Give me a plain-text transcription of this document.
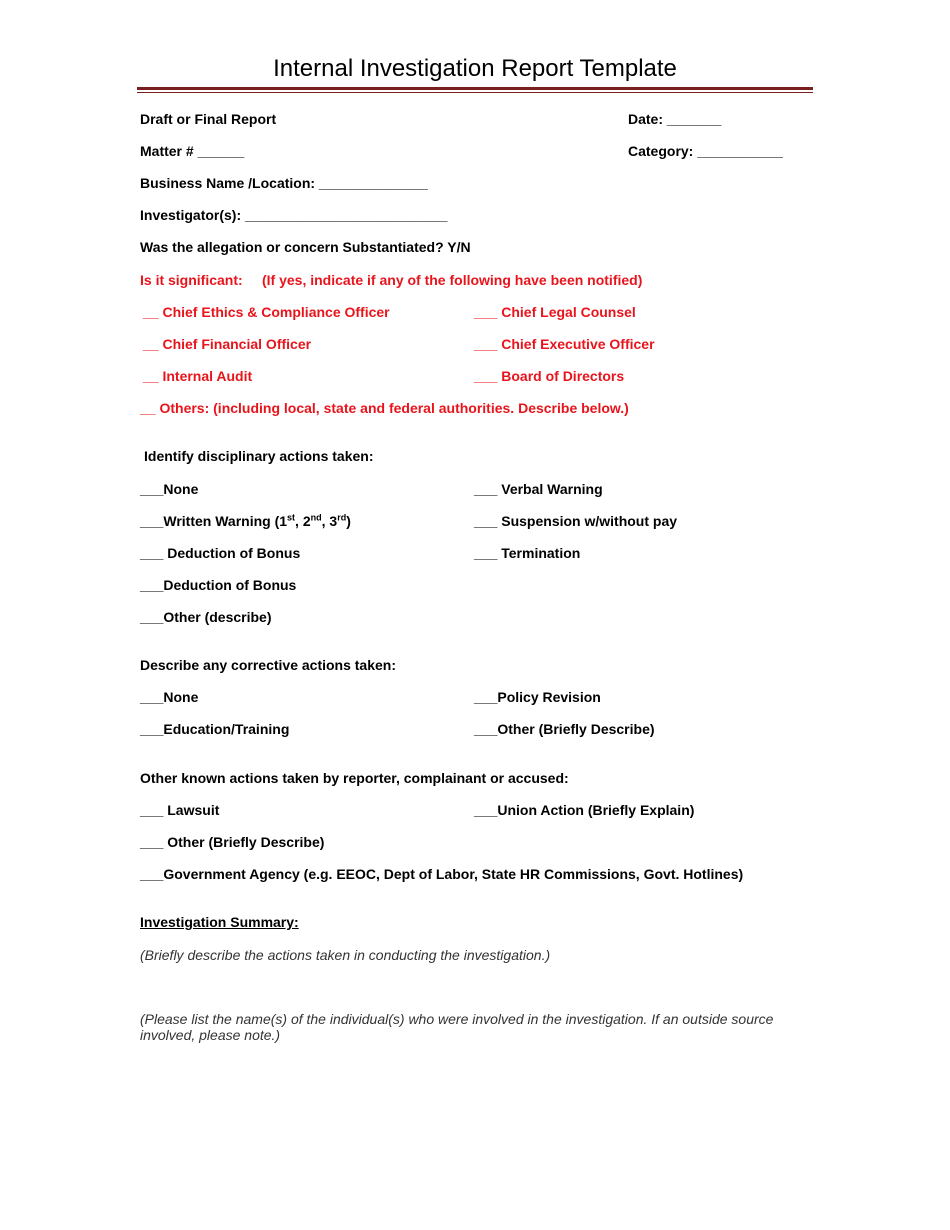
Internal Investigation Report Template
Draft or Final Report	Date: _______
Matter # ______	Category: ___________
Business Name /Location: ______________
Investigator(s): __________________________
Was the allegation or concern Substantiated? Y/N
Is it significant: (If yes, indicate if any of the following have been notified)
__ Chief Ethics & Compliance Officer	___ Chief Legal Counsel
__ Chief Financial Officer	___ Chief Executive Officer
__ Internal Audit	___ Board of Directors
__ Others: (including local, state and federal authorities. Describe below.)
Identify disciplinary actions taken:
___None	___ Verbal Warning
___Written Warning (1st, 2nd, 3rd)	___ Suspension w/without pay
___ Deduction of Bonus	___ Termination
___Deduction of Bonus
___Other (describe)
Describe any corrective actions taken:
___None	___Policy Revision
___Education/Training	___Other (Briefly Describe)
Other known actions taken by reporter, complainant or accused:
___ Lawsuit	___Union Action (Briefly Explain)
___ Other (Briefly Describe)
___Government Agency (e.g. EEOC, Dept of Labor, State HR Commissions, Govt. Hotlines)
Investigation Summary:
(Briefly describe the actions taken in conducting the investigation.)
(Please list the name(s) of the individual(s) who were involved in the investigation. If an outside source involved, please note.)
